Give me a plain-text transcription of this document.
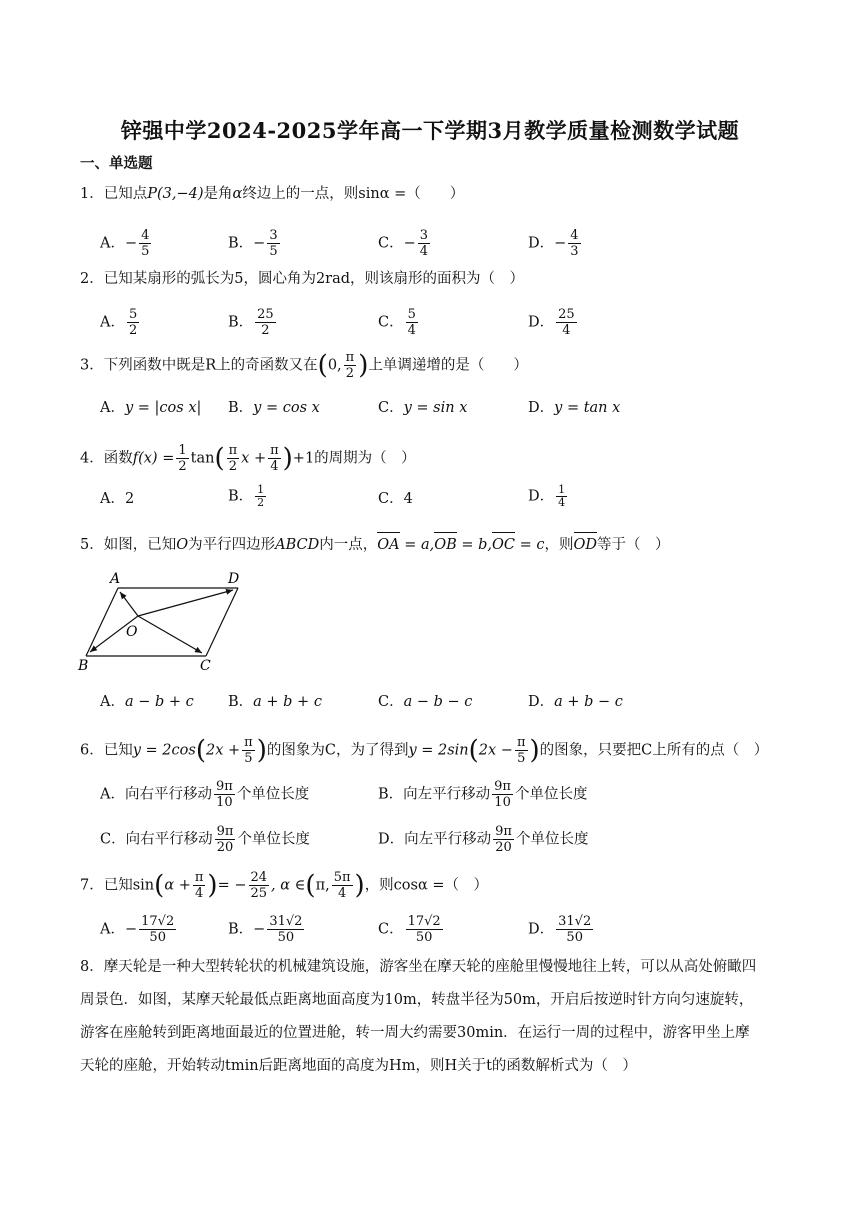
锌强中学2024-2025学年高一下学期3月教学质量检测数学试题
一、单选题
1．已知点P(3,−4)是角α终边上的一点，则sinα =（　　）
A．− $\frac{4}{5}$	B．− $\frac{3}{5}$	C．− $\frac{3}{4}$	D．− $\frac{4}{3}$
2．已知某扇形的弧长为5，圆心角为2rad，则该扇形的面积为（　）
A． $\frac{5}{2}$	B． $\frac{25}{2}$	C． $\frac{5}{4}$	D． $\frac{25}{4}$
3．下列函数中既是R上的奇函数又在(0, $\frac{\pi}{2}$ )上单调递增的是（　　）
A．y = |cos x| B．y = cos x	C．y = sin x	D．y = tan x
4．函数$f(x) = \frac{1}{2} \tan( \frac{\pi}{2}$ $x + \frac{\pi}{4} )+1$的周期为（　）
A．2	B． $\frac{1}{2}$	C．4	D． $\frac{1}{4}$
5．如图，已知O为平行四边形ABCD内一点，OA = a,OB = b,OC = c，则OD等于（　）
A	D
B	C
O
A．a − b + c B．a + b + c	C．a − b − c	D．a + b − c
6．已知$y = 2\cos(2x + \frac{\pi}{5}$ )的图象为C，为了得到$y = 2\sin(2x - \frac{\pi}{5}$ )的图象，只要把C上所有的点（　）
A．向右平行移动 $\frac{9\pi}{10}$ 个单位长度	B．向左平行移动 $\frac{9\pi}{10}$ 个单位长度
C．向右平行移动 $\frac{9\pi}{20}$ 个单位长度	D．向左平行移动 $\frac{9\pi}{20}$ 个单位长度
7．已知$\sin(\alpha + \frac{\pi}{4}$ )= − $\frac{24}{25}$ , α ∈(π, $\frac{5\pi}{4}$ )，则cosα =（　）
A．− $\frac{17√2}{50}$	B．− $\frac{31√2}{50}$	C． $\frac{17√2}{50}$	D． $\frac{31√2}{50}$
8．摩天轮是一种大型转轮状的机械建筑设施，游客坐在摩天轮的座舱里慢慢地往上转，可以从高处俯瞰四
周景色．如图，某摩天轮最低点距离地面高度为10m，转盘半径为50m，开启后按逆时针方向匀速旋转，
游客在座舱转到距离地面最近的位置进舱，转一周大约需要30min．在运行一周的过程中，游客甲坐上摩
天轮的座舱，开始转动tmin后距离地面的高度为Hm，则H关于t的函数解析式为（　）
